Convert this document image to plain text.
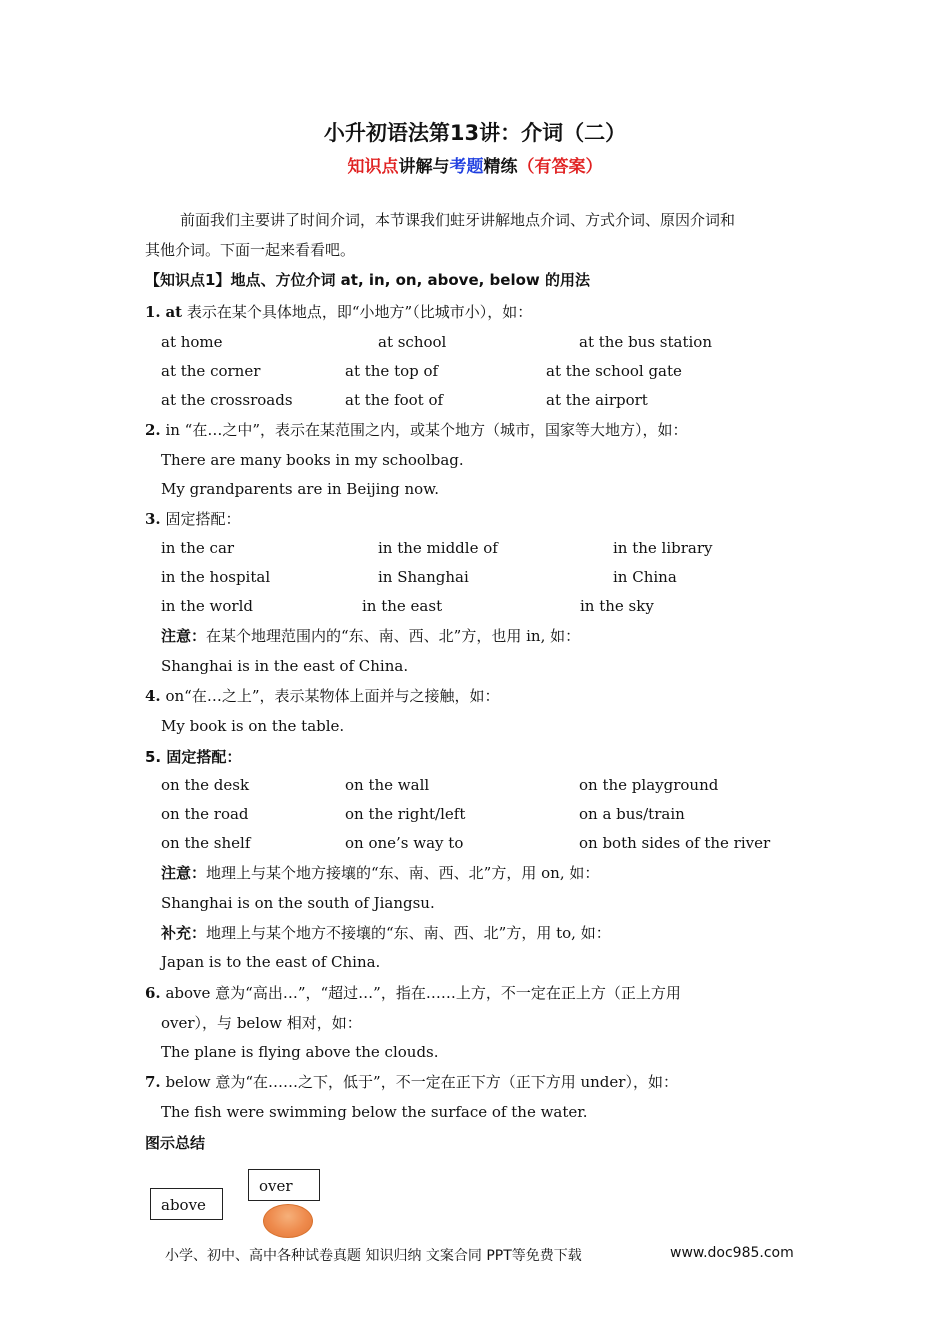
小升初语法第13讲：介词（二）
知识点讲解与考题精练（有答案）
前面我们主要讲了时间介词，本节课我们蛀牙讲解地点介词、方式介词、原因介词和
其他介词。下面一起来看看吧。
【知识点1】地点、方位介词 at, in, on, above, below 的用法
1. at 表示在某个具体地点，即“小地方”（比城市小），如：
at home	at school	at the bus station
at the corner	at the top of	at the school gate
at the crossroads	at the foot of	at the airport
2. in “在…之中”，表示在某范围之内，或某个地方（城市，国家等大地方），如：
There are many books in my schoolbag.
My grandparents are in Beijing now.
3. 固定搭配：
in the car	in the middle of	in the library
in the hospital	in Shanghai	in China
in the world	in the east	in the sky
注意：在某个地理范围内的“东、南、西、北”方，也用 in, 如：
Shanghai is in the east of China.
4. on“在…之上”，表示某物体上面并与之接触，如：
My book is on the table.
5. 固定搭配：
on the desk	on the wall	on the playground
on the road	on the right/left	on a bus/train
on the shelf	on one’s way to	on both sides of the river
注意：地理上与某个地方接壤的“东、南、西、北”方，用 on, 如：
Shanghai is on the south of Jiangsu.
补充：地理上与某个地方不接壤的“东、南、西、北”方，用 to, 如：
Japan is to the east of China.
6. above 意为“高出…”，“超过…”，指在……上方，不一定在正上方（正上方用
over），与 below 相对，如：
The plane is flying above the clouds.
7. below 意为“在……之下，低于”，不一定在正下方（正下方用 under），如：
The fish were swimming below the surface of the water.
图示总结
over
above
小学、初中、高中各种试卷真题 知识归纳 文案合同 PPT等免费下载	www.doc985.com
